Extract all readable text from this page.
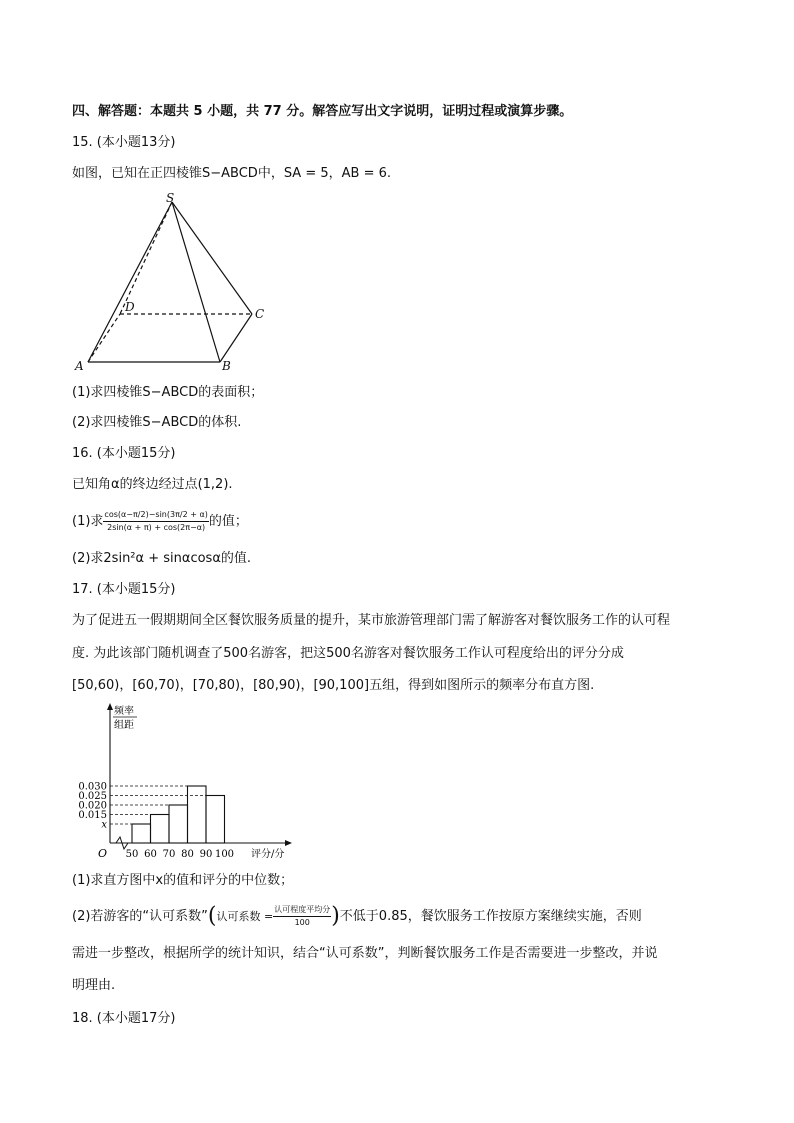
四、解答题：本题共 5 小题，共 77 分。解答应写出文字说明，证明过程或演算步骤。
15. (本小题13分)
如图，已知在正四棱锥S−ABCD中，SA = 5，AB = 6.
S
D	C
A	B
(1)求四棱锥S−ABCD的表面积；
(2)求四棱锥S−ABCD的体积.
16. (本小题15分)
已知角α的终边经过点(1,2).
(1)求 $\frac{\cos(\alpha-\pi/2)-\sin(3\pi/2 + \alpha)}{2\sin(\alpha + \pi) + \cos(2\pi-\alpha)}$ 的值；
(2)求2sin²α + sinαcosα的值.
17. (本小题15分)
为了促进五一假期期间全区餐饮服务质量的提升，某市旅游管理部门需了解游客对餐饮服务工作的认可程
度. 为此该部门随机调查了500名游客，把这500名游客对餐饮服务工作认可程度给出的评分分成
[50,60)，[60,70)，[70,80)，[80,90)，[90,100]五组，得到如图所示的频率分布直方图.
频率
组距
O
x
0.015
0.020
0.025
0.030
50 60 70 80 90 100 评分/分
(1)求直方图中x的值和评分的中位数；
(2)若游客的“认可系数”(认可系数 = $\frac{\text{认可程度平均分}}{100}$ )不低于0.85，餐饮服务工作按原方案继续实施，否则
需进一步整改，根据所学的统计知识，结合“认可系数”，判断餐饮服务工作是否需要进一步整改，并说
明理由.
18. (本小题17分)
